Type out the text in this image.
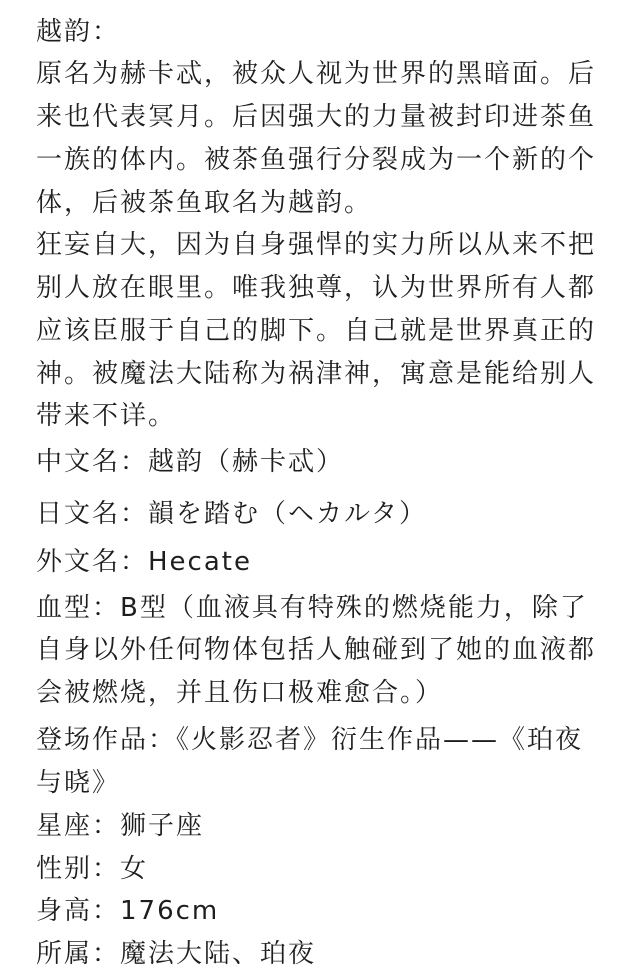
越韵：
原名为赫卡忒，被众人视为世界的黑暗面。后
来也代表冥月。后因强大的力量被封印进茶鱼
一族的体内。被茶鱼强行分裂成为一个新的个
体，后被茶鱼取名为越韵。
狂妄自大，因为自身强悍的实力所以从来不把
别人放在眼里。唯我独尊，认为世界所有人都
应该臣服于自己的脚下。自己就是世界真正的
神。被魔法大陆称为祸津神，寓意是能给别人
带来不详。
中文名：越韵（赫卡忒）
日文名：韻を踏む（ヘカルタ）
外文名：Hecate
血型：B型（血液具有特殊的燃烧能力，除了
自身以外任何物体包括人触碰到了她的血液都
会被燃烧，并且伤口极难愈合。）
登场作品：《火影忍者》衍生作品——《珀夜
与晓》
星座：狮子座
性别：女
身高：176cm
所属：魔法大陆、珀夜
